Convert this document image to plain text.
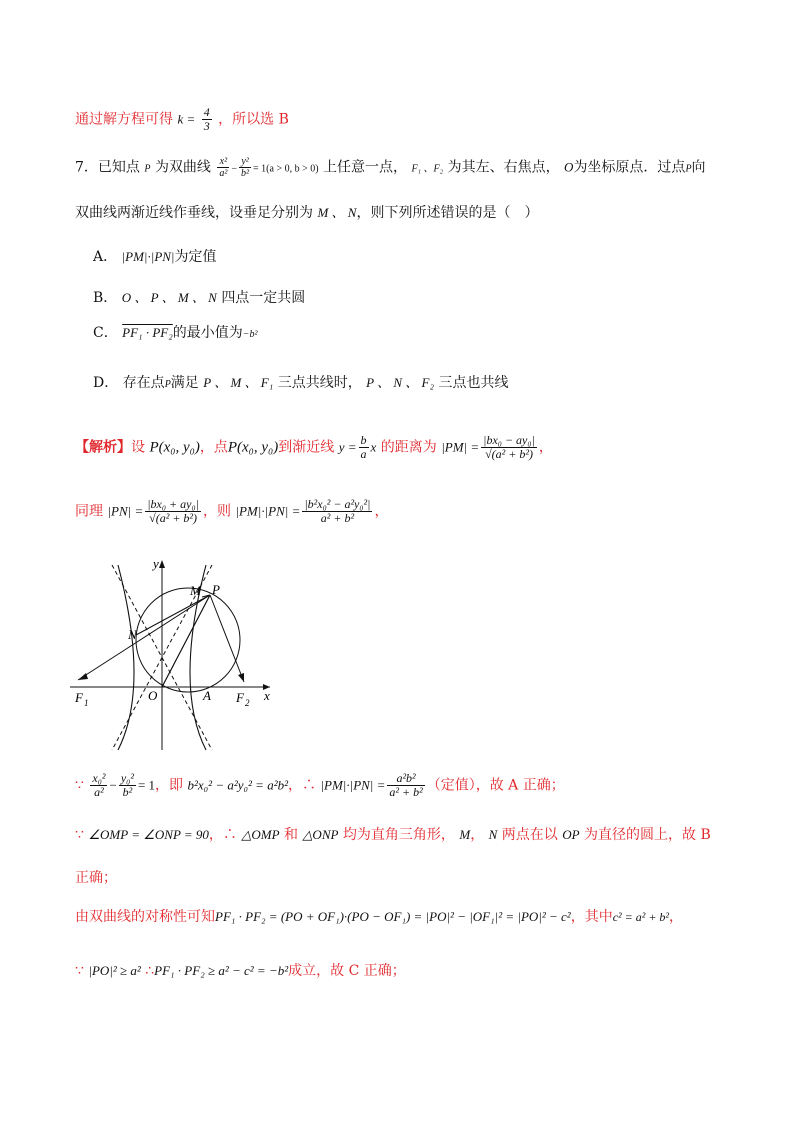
通过解方程可得 $k = \frac{4}{3}$ ，所以选 B
7．已知点 P 为双曲线 $\frac{\text{x²}}{\text{a²}} - \frac{\text{y²}}{\text{b²}} = 1(a > 0$, b > 0) 上任意一点， F₁ 、F₂ 为其左、右焦点， O为坐标原点．过点P向
双曲线两渐近线作垂线，设垂足分别为 M 、 N，则下列所述错误的是（　）
A． |PM|·|PN|为定值
B． O 、 P 、 M 、 N 四点一定共圆
C． PF₁ · PF₂的最小值为−b²
D． 存在点P满足 P 、 M 、 F₁ 三点共线时， P 、 N 、 F₂ 三点也共线
【解析】设 P(x₀, y₀)，点P(x₀, y₀)到渐近线 $y = \frac{b}{a}$ x 的距离为 $|PM| = \frac{\text{|bx₀ − ay₀|}}{\text{√(a² + b²)}}$ ，
同理 $|PN| = \frac{\text{|bx₀ + ay₀|}}{\text{√(a² + b²)}}$ ，则 $|PM|\cdot|PN| = \frac{\text{|b²x₀² − a²y₀²|}}{\text{a² + b²}}$ ，
y
x
M P
N
O	A
F 1	F 2
∵ $\frac{\text{x₀²}}{\text{a²}} - \frac{\text{y₀²}}{\text{b²}} = 1$，即 b²x₀² − a²y₀² = a²b²，∴ $|PM|\cdot|PN| = \frac{\text{a²b²}}{\text{a² + b²}}$ （定值），故 A 正确；
∵ ∠OMP = ∠ONP = 90，∴ △OMP 和 △ONP 均为直角三角形， M， N 两点在以 OP 为直径的圆上，故 B
正确；
由双曲线的对称性可知PF₁ · PF₂ = (PO + OF₁)·(PO − OF₁) = |PO|² − |OF₁|² = |PO|² − c²，其中c² = a² + b²，
∵ |PO|² ≥ a² ∴PF₁ · PF₂ ≥ a² − c² = −b²成立，故 C 正确；
